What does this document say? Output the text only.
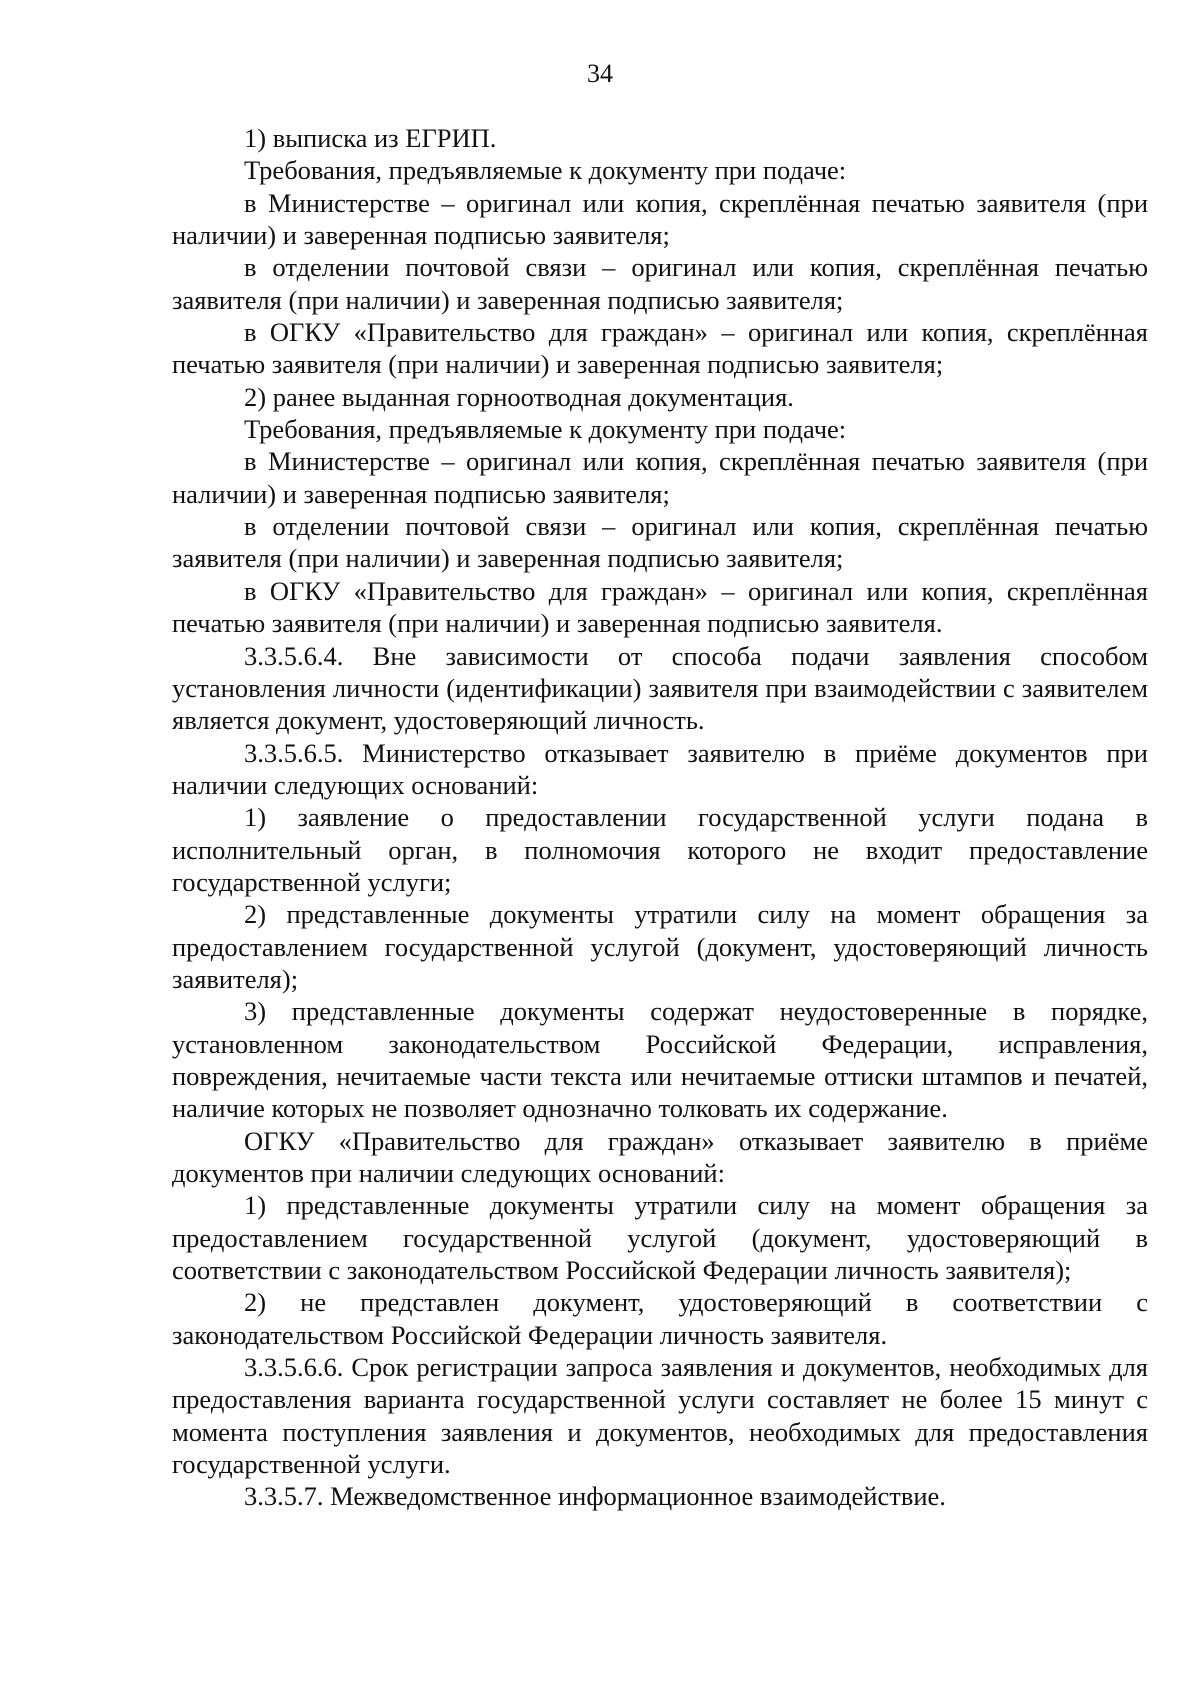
34

1) выписка из ЕГРИП.

Требования, предъявляемые к документу при подаче:

в Министерстве – оригинал или копия, скреплённая печатью заявителя (при наличии) и заверенная подписью заявителя;

в отделении почтовой связи – оригинал или копия, скреплённая печатью заявителя (при наличии) и заверенная подписью заявителя;

в ОГКУ «Правительство для граждан» – оригинал или копия, скреплённая печатью заявителя (при наличии) и заверенная подписью заявителя;

2) ранее выданная горноотводная документация.

Требования, предъявляемые к документу при подаче:

в Министерстве – оригинал или копия, скреплённая печатью заявителя (при наличии) и заверенная подписью заявителя;

в отделении почтовой связи – оригинал или копия, скреплённая печатью заявителя (при наличии) и заверенная подписью заявителя;

в ОГКУ «Правительство для граждан» – оригинал или копия, скреплённая печатью заявителя (при наличии) и заверенная подписью заявителя.

3.3.5.6.4. Вне зависимости от способа подачи заявления способом установления личности (идентификации) заявителя при взаимодействии с заявителем является документ, удостоверяющий личность.

3.3.5.6.5. Министерство отказывает заявителю в приёме документов при наличии следующих оснований:

1) заявление о предоставлении государственной услуги подана в исполнительный орган, в полномочия которого не входит предоставление государственной услуги;

2) представленные документы утратили силу на момент обращения за предоставлением государственной услугой (документ, удостоверяющий личность заявителя);

3) представленные документы содержат неудостоверенные в порядке, установленном законодательством Российской Федерации, исправления, повреждения, нечитаемые части текста или нечитаемые оттиски штампов и печатей, наличие которых не позволяет однозначно толковать их содержание.

ОГКУ «Правительство для граждан» отказывает заявителю в приёме документов при наличии следующих оснований:

1) представленные документы утратили силу на момент обращения за предоставлением государственной услугой (документ, удостоверяющий в соответствии с законодательством Российской Федерации личность заявителя);

2) не представлен документ, удостоверяющий в соответствии с законодательством Российской Федерации личность заявителя.

3.3.5.6.6. Срок регистрации запроса заявления и документов, необходимых для предоставления варианта государственной услуги составляет не более 15 минут с момента поступления заявления и документов, необходимых для предоставления государственной услуги.

3.3.5.7. Межведомственное информационное взаимодействие.
